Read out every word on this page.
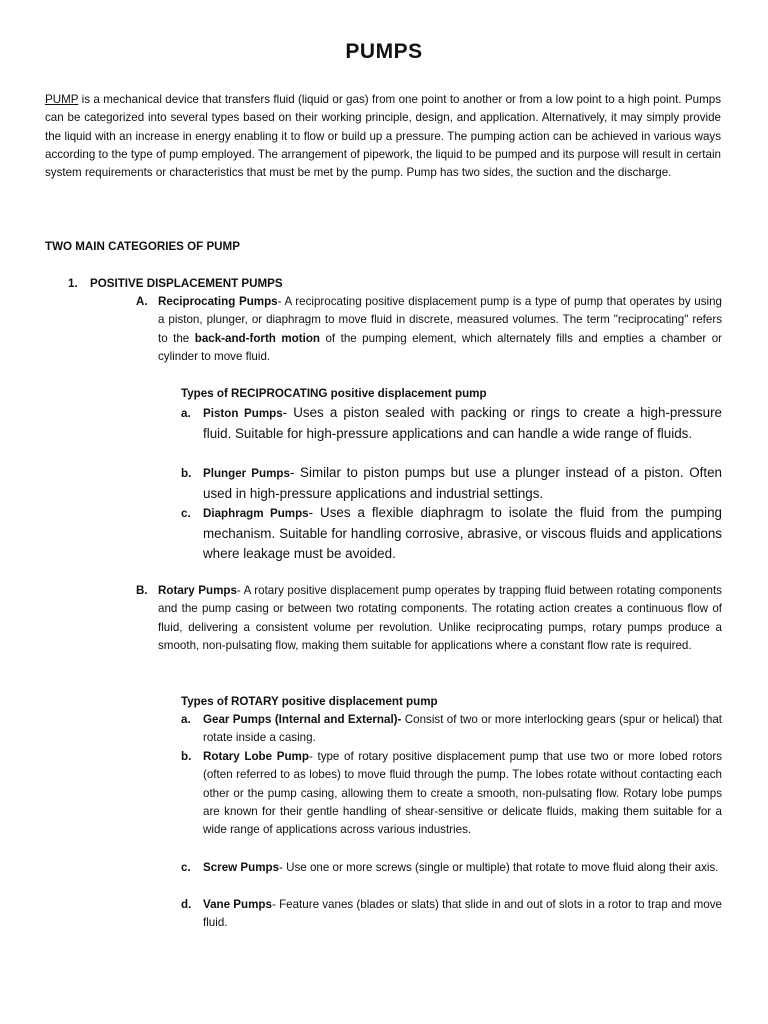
PUMPS

PUMP is a mechanical device that transfers fluid (liquid or gas) from one point to another or from a low point to a high point. Pumps can be categorized into several types based on their working principle, design, and application. Alternatively, it may simply provide the liquid with an increase in energy enabling it to flow or build up a pressure. The pumping action can be achieved in various ways according to the type of pump employed. The arrangement of pipework, the liquid to be pumped and its purpose will result in certain system requirements or characteristics that must be met by the pump. Pump has two sides, the suction and the discharge.

TWO MAIN CATEGORIES OF PUMP
1. POSITIVE DISPLACEMENT PUMPS
A. Reciprocating Pumps- A reciprocating positive displacement pump is a type of pump that operates by using a piston, plunger, or diaphragm to move fluid in discrete, measured volumes. The term "reciprocating" refers to the back-and-forth motion of the pumping element, which alternately fills and empties a chamber or cylinder to move fluid.

Types of RECIPROCATING positive displacement pump
a. Piston Pumps- Uses a piston sealed with packing or rings to create a high-pressure fluid. Suitable for high-pressure applications and can handle a wide range of fluids.

b. Plunger Pumps- Similar to piston pumps but use a plunger instead of a piston. Often used in high-pressure applications and industrial settings.

c. Diaphragm Pumps- Uses a flexible diaphragm to isolate the fluid from the pumping mechanism. Suitable for handling corrosive, abrasive, or viscous fluids and applications where leakage must be avoided.

B. Rotary Pumps- A rotary positive displacement pump operates by trapping fluid between rotating components and the pump casing or between two rotating components. The rotating action creates a continuous flow of fluid, delivering a consistent volume per revolution. Unlike reciprocating pumps, rotary pumps produce a smooth, non-pulsating flow, making them suitable for applications where a constant flow rate is required.

Types of ROTARY positive displacement pump
a. Gear Pumps (Internal and External)- Consist of two or more interlocking gears (spur or helical) that rotate inside a casing.

b. Rotary Lobe Pump- type of rotary positive displacement pump that use two or more lobed rotors (often referred to as lobes) to move fluid through the pump. The lobes rotate without contacting each other or the pump casing, allowing them to create a smooth, non-pulsating flow. Rotary lobe pumps are known for their gentle handling of shear-sensitive or delicate fluids, making them suitable for a wide range of applications across various industries.

c. Screw Pumps- Use one or more screws (single or multiple) that rotate to move fluid along their axis.

d. Vane Pumps- Feature vanes (blades or slats) that slide in and out of slots in a rotor to trap and move fluid.
